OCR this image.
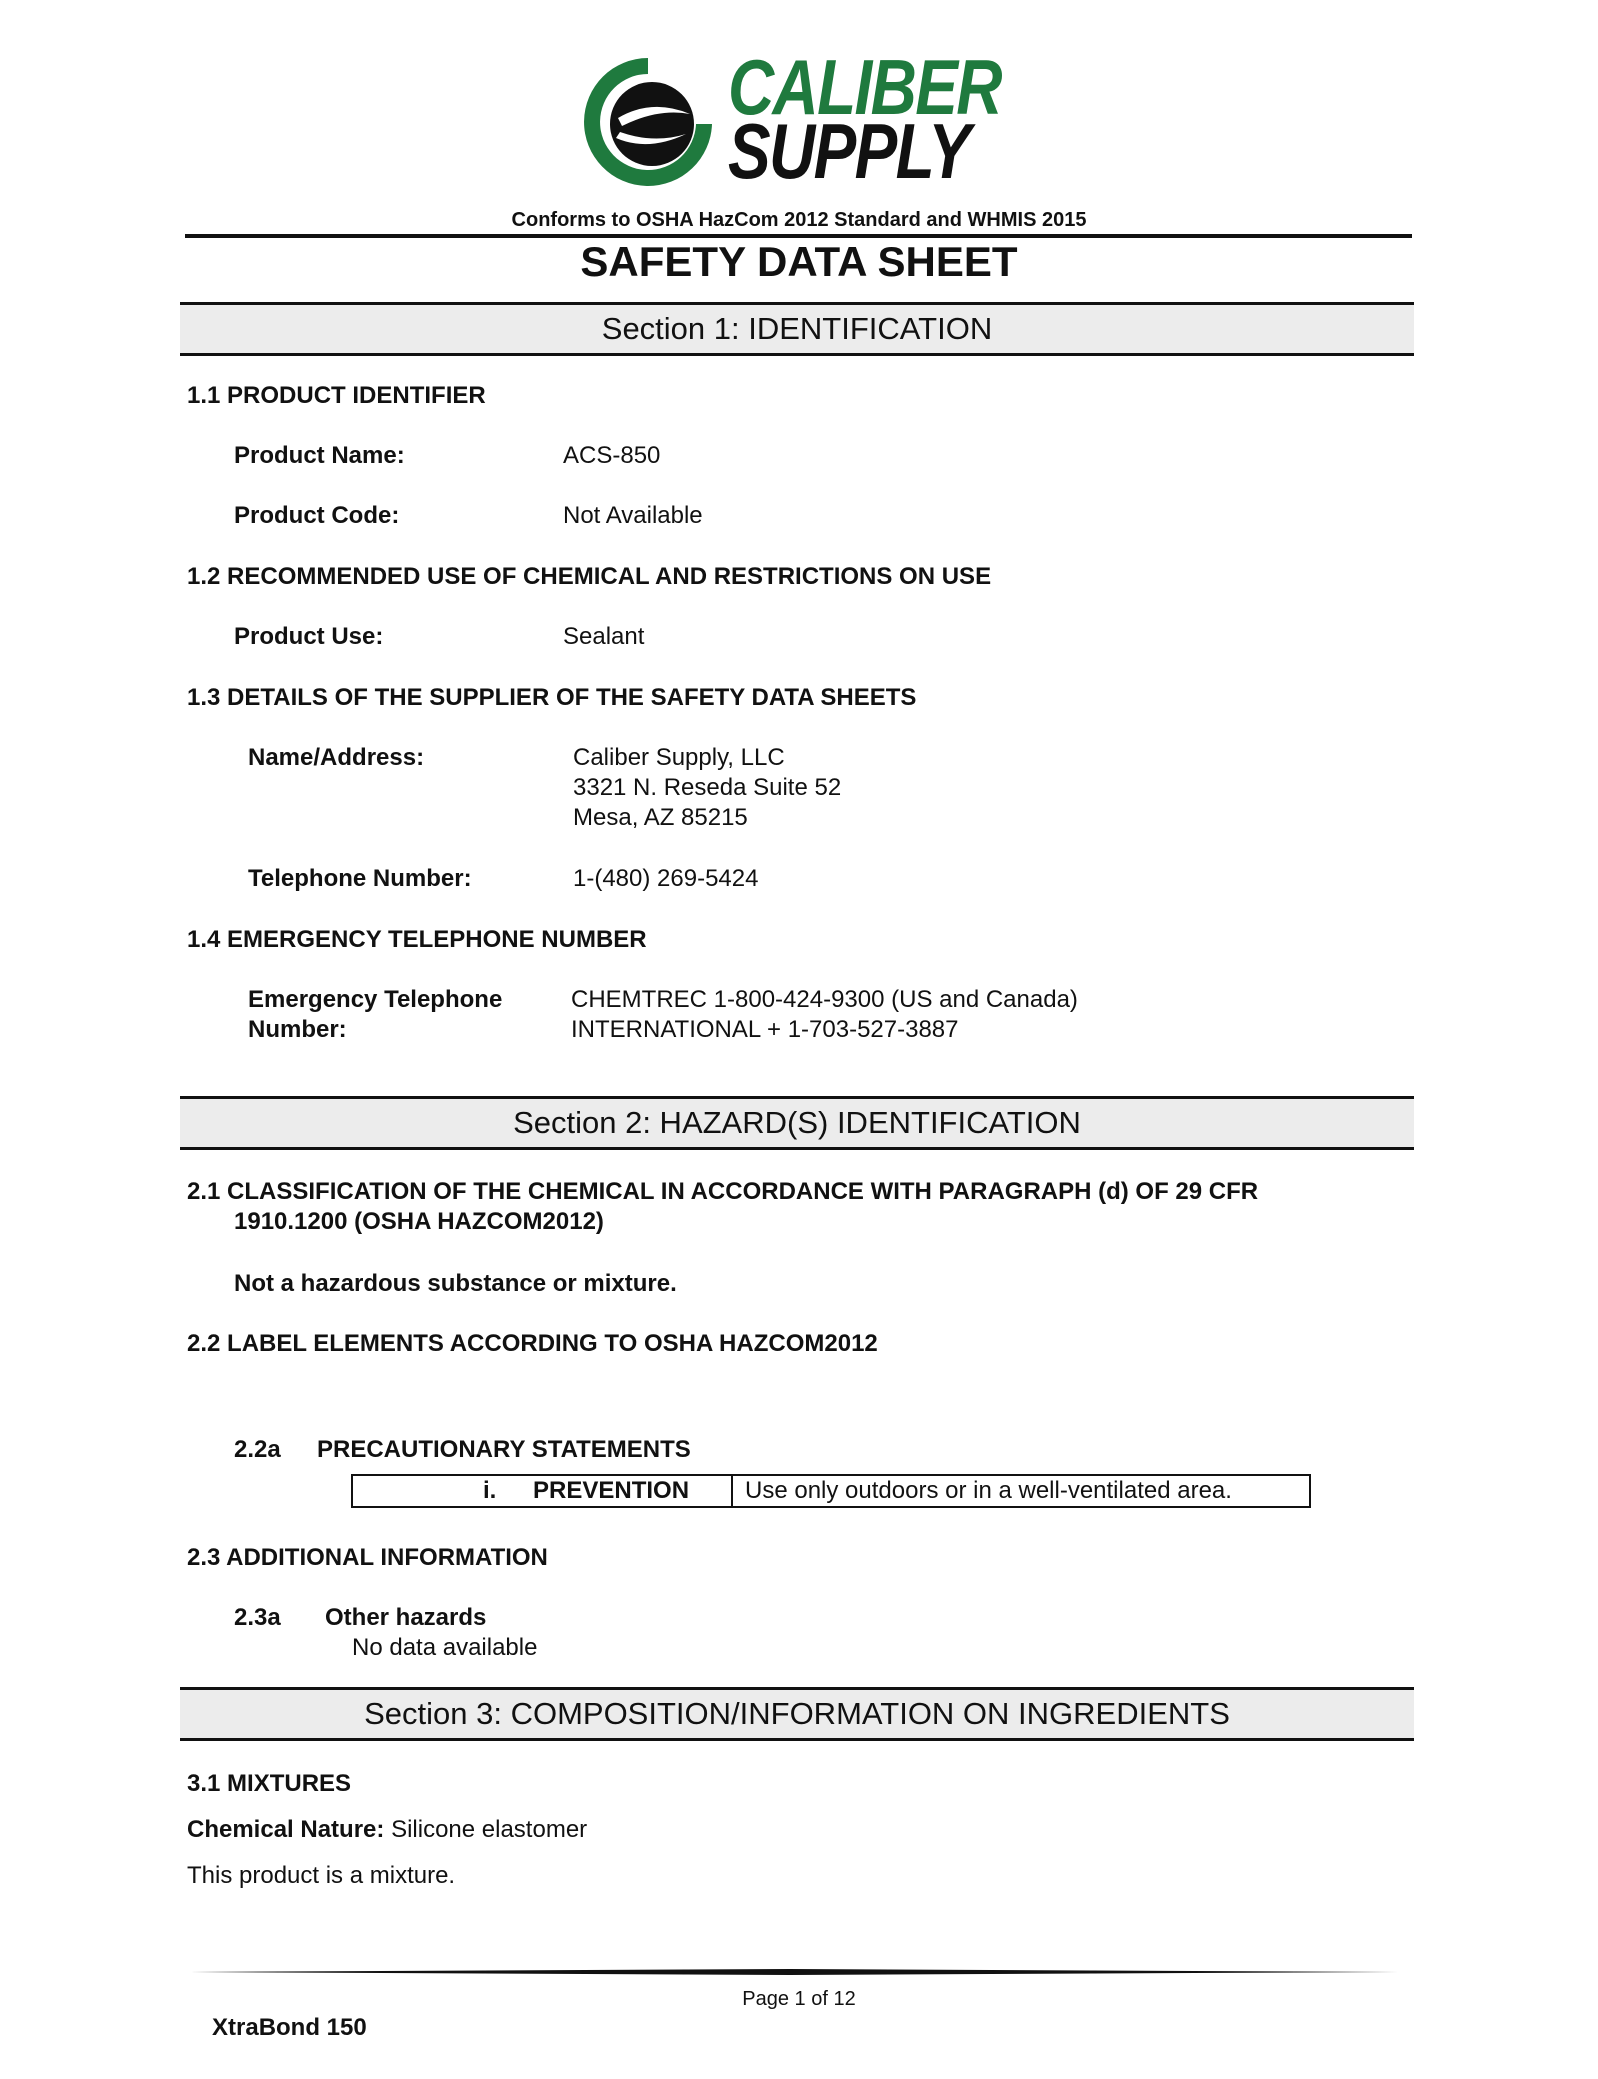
CALIBER
SUPPLY
Conforms to OSHA HazCom 2012 Standard and WHMIS 2015
SAFETY DATA SHEET
Section 1: IDENTIFICATION
1.1 PRODUCT IDENTIFIER
Product Name:	ACS-850
Product Code:	Not Available
1.2 RECOMMENDED USE OF CHEMICAL AND RESTRICTIONS ON USE
Product Use:	Sealant
1.3 DETAILS OF THE SUPPLIER OF THE SAFETY DATA SHEETS
Name/Address:	Caliber Supply, LLC
3321 N. Reseda Suite 52
Mesa, AZ 85215
Telephone Number:	1-(480) 269-5424
1.4 EMERGENCY TELEPHONE NUMBER
Emergency Telephone
Number:
CHEMTREC 1-800-424-9300 (US and Canada)
INTERNATIONAL + 1-703-527-3887
Section 2: HAZARD(S) IDENTIFICATION
2.1 CLASSIFICATION OF THE CHEMICAL IN ACCORDANCE WITH PARAGRAPH (d) OF 29 CFR
1910.1200 (OSHA HAZCOM2012)
Not a hazardous substance or mixture.
2.2 LABEL ELEMENTS ACCORDING TO OSHA HAZCOM2012
2.2a PRECAUTIONARY STATEMENTS
i. PREVENTION	Use only outdoors or in a well-ventilated area.
2.3 ADDITIONAL INFORMATION
2.3a Other hazards
No data available
Section 3: COMPOSITION/INFORMATION ON INGREDIENTS
3.1 MIXTURES
Chemical Nature: Silicone elastomer
This product is a mixture.
Page 1 of 12
XtraBond 150
